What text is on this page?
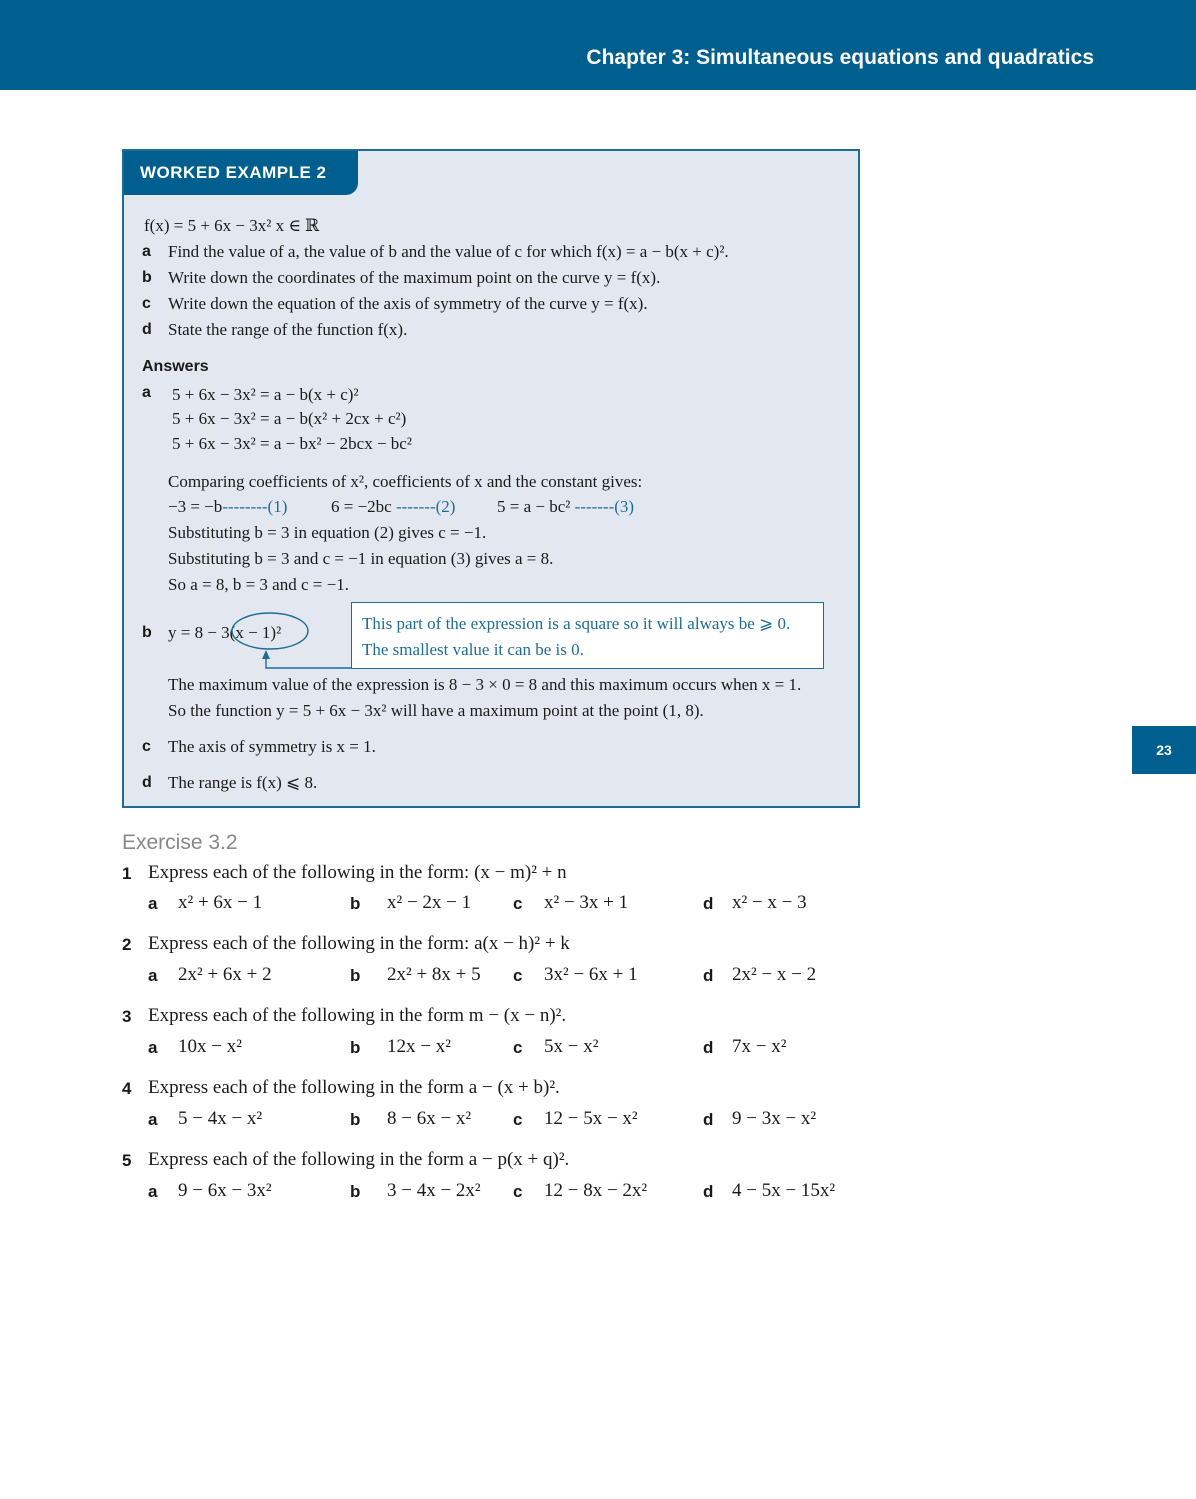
Chapter 3: Simultaneous equations and quadratics
23
WORKED EXAMPLE 2
f(x) = 5 + 6x − 3x² x ∈ ℝ
a Find the value of a, the value of b and the value of c for which f(x) = a − b(x + c)².
b Write down the coordinates of the maximum point on the curve y = f(x).
c Write down the equation of the axis of symmetry of the curve y = f(x).
d State the range of the function f(x).
Answers
a 5 + 6x − 3x² = a − b(x + c)²
5 + 6x − 3x² = a − b(x² + 2cx + c²)
5 + 6x − 3x² = a − bx² − 2bcx − bc²
Comparing coefficients of x², coefficients of x and the constant gives:
−3 = −b--------(1)	6 = −2bc -------(2) 5 = a − bc² -------(3)
Substituting b = 3 in equation (2) gives c = −1.
Substituting b = 3 and c = −1 in equation (3) gives a = 8.
So a = 8, b = 3 and c = −1.
b y = 8 − 3(x − 1)²
The maximum value of the expression is 8 − 3 × 0 = 8 and this maximum occurs when x = 1.
So the function y = 5 + 6x − 3x² will have a maximum point at the point (1, 8).
c The axis of symmetry is x = 1.
d The range is f(x) ⩽ 8.
This part of the expression is a square so it will always be ⩾ 0.
The smallest value it can be is 0.
Exercise 3.2
1 Express each of the following in the form: (x − m)² + n
a x² + 6x − 1	b x² − 2x − 1 c x² − 3x + 1	d x² − x − 3
2 Express each of the following in the form: a(x − h)² + k
a 2x² + 6x + 2	b 2x² + 8x + 5 c 3x² − 6x + 1	d 2x² − x − 2
3 Express each of the following in the form m − (x − n)².
a 10x − x²	b 12x − x²	c 5x − x²	d 7x − x²
4 Express each of the following in the form a − (x + b)².
a 5 − 4x − x²	b 8 − 6x − x² c 12 − 5x − x²	d 9 − 3x − x²
5 Express each of the following in the form a − p(x + q)².
a 9 − 6x − 3x²	b 3 − 4x − 2x² c 12 − 8x − 2x²	d 4 − 5x − 15x²
